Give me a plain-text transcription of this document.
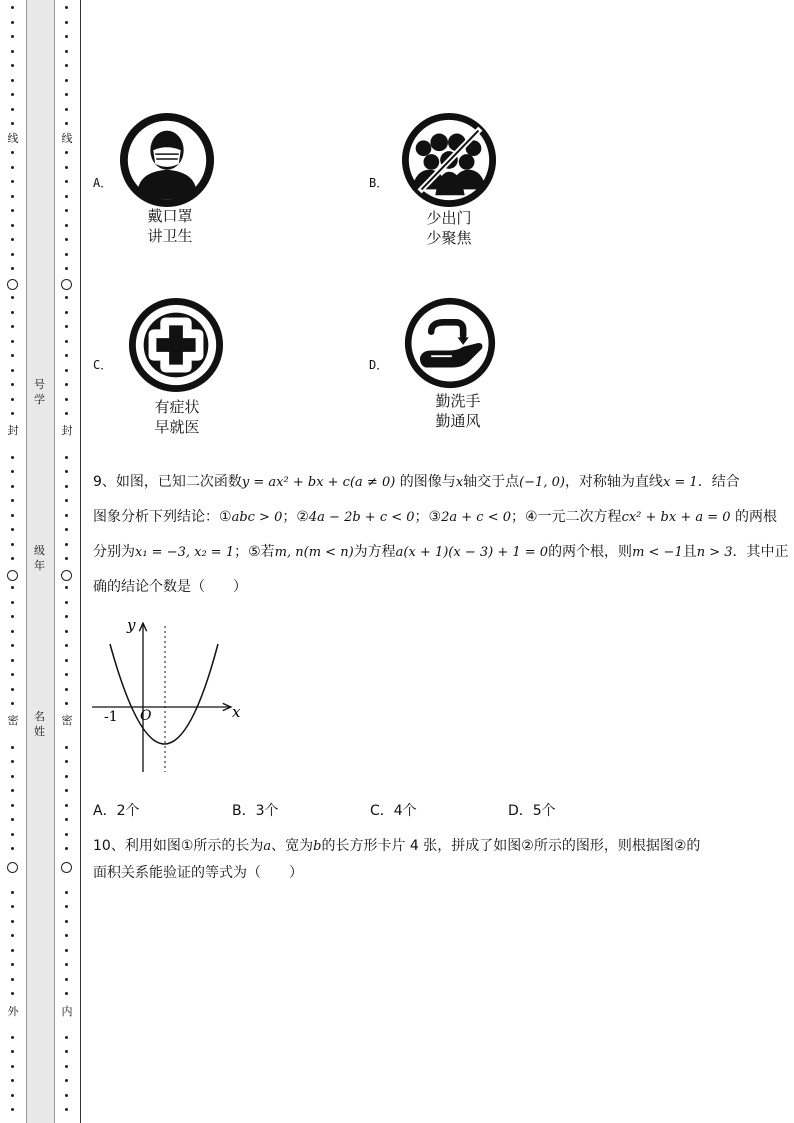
线
封
密
外
号学
级年
名姓
线
封
密
内
A．
戴口罩
讲卫生
B．
少出门
少聚焦
C．
有症状
早就医
D．
勤洗手
勤通风

9、如图，已知二次函数y = ax² + bx + c(a ≠ 0) 的图像与x轴交于点(−1, 0)，对称轴为直线x = 1．结合

图象分析下列结论：①abc > 0；②4a − 2b + c < 0；③2a + c < 0；④一元二次方程cx² + bx + a = 0 的两根

分别为x₁ = −3, x₂ = 1；⑤若m, n(m < n)为方程a(x + 1)(x − 3) + 1 = 0的两个根，则m < −1且n > 3．其中正

确的结论个数是（　　）

y
x
O
-1
A．2个	B．3个	C．4个	D．5个

10、利用如图①所示的长为a、宽为b的长方形卡片 4 张，拼成了如图②所示的图形，则根据图②的

面积关系能验证的等式为（　　）
